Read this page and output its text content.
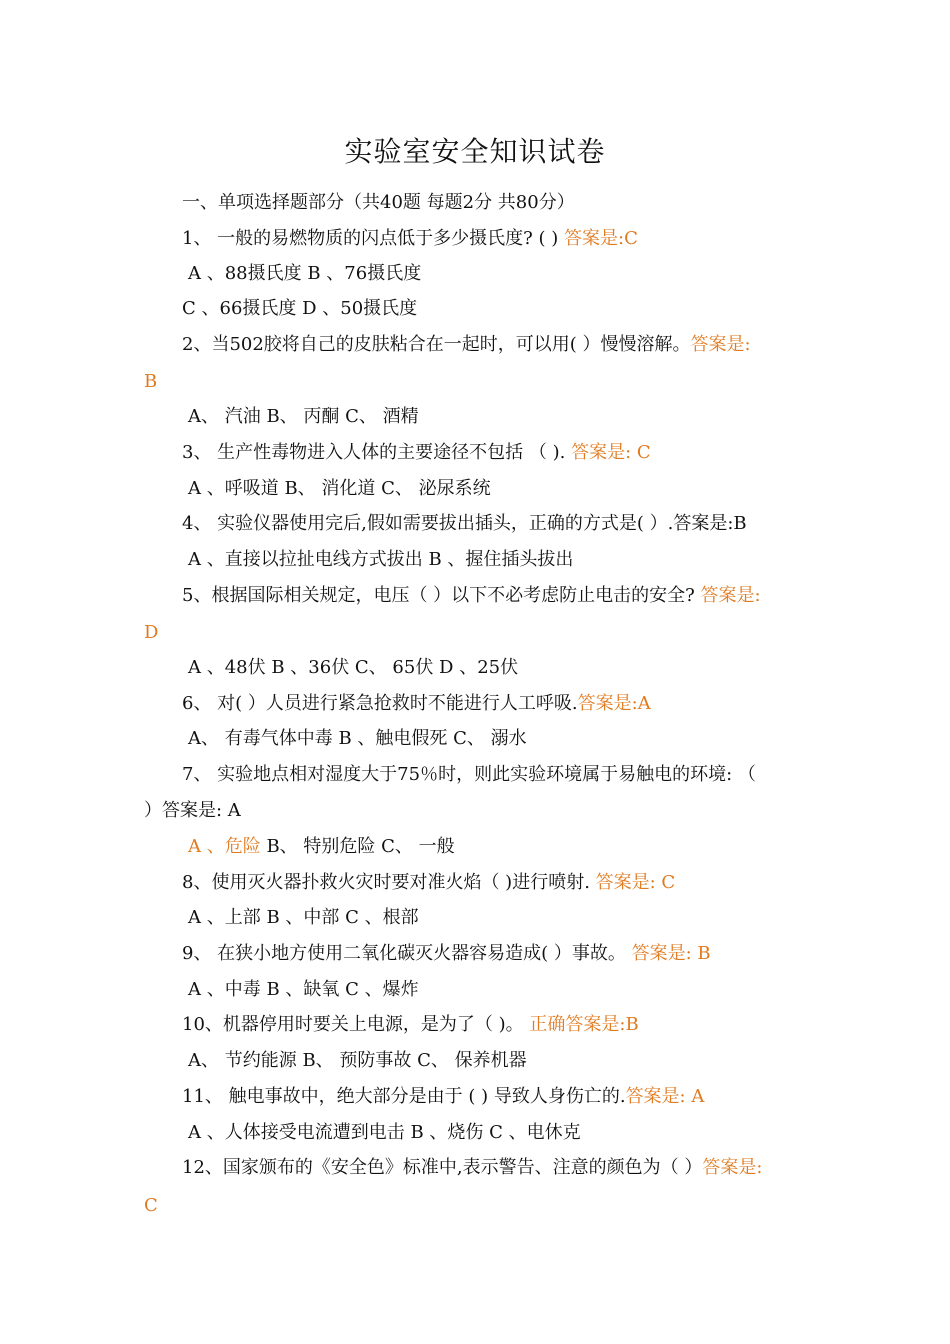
实验室安全知识试卷
一、单项选择题部分（共40题 每题2分 共80分）
1、 一般的易燃物质的闪点低于多少摄氏度? ( ) 答案是:C
A 、88摄氏度 B 、76摄氏度
C 、66摄氏度 D 、50摄氏度
2、当502胶将自己的皮肤粘合在一起时，可以用( ）慢慢溶解。答案是:
B
A、 汽油 B、 丙酮 C、 酒精
3、 生产性毒物进入人体的主要途径不包括 （ ). 答案是: C
A 、呼吸道 B、 消化道 C、 泌尿系统
4、 实验仪器使用完后,假如需要拔出插头，正确的方式是( ）.答案是:B
A 、直接以拉扯电线方式拔出 B 、握住插头拔出
5、根据国际相关规定，电压（ ）以下不必考虑防止电击的安全? 答案是:
D
A 、48伏 B 、36伏 C、 65伏 D 、25伏
6、 对( ）人员进行紧急抢救时不能进行人工呼吸.答案是:A
A、 有毒气体中毒 B 、触电假死 C、 溺水
7、 实验地点相对湿度大于75％时，则此实验环境属于易触电的环境: （
）答案是: A
A 、危险 B、 特别危险 C、 一般
8、使用灭火器扑救火灾时要对准火焰（ )进行喷射. 答案是: C
A 、上部 B 、中部 C 、根部
9、 在狭小地方使用二氧化碳灭火器容易造成( ）事故。 答案是: B
A 、中毒 B 、缺氧 C 、爆炸
10、机器停用时要关上电源，是为了（ )。 正确答案是:B
A、 节约能源 B、 预防事故 C、 保养机器
11、 触电事故中，绝大部分是由于 ( ) 导致人身伤亡的.答案是: A
A 、人体接受电流遭到电击 B 、烧伤 C 、电休克
12、国家颁布的《安全色》标准中,表示警告、注意的颜色为（ ）答案是:
C
